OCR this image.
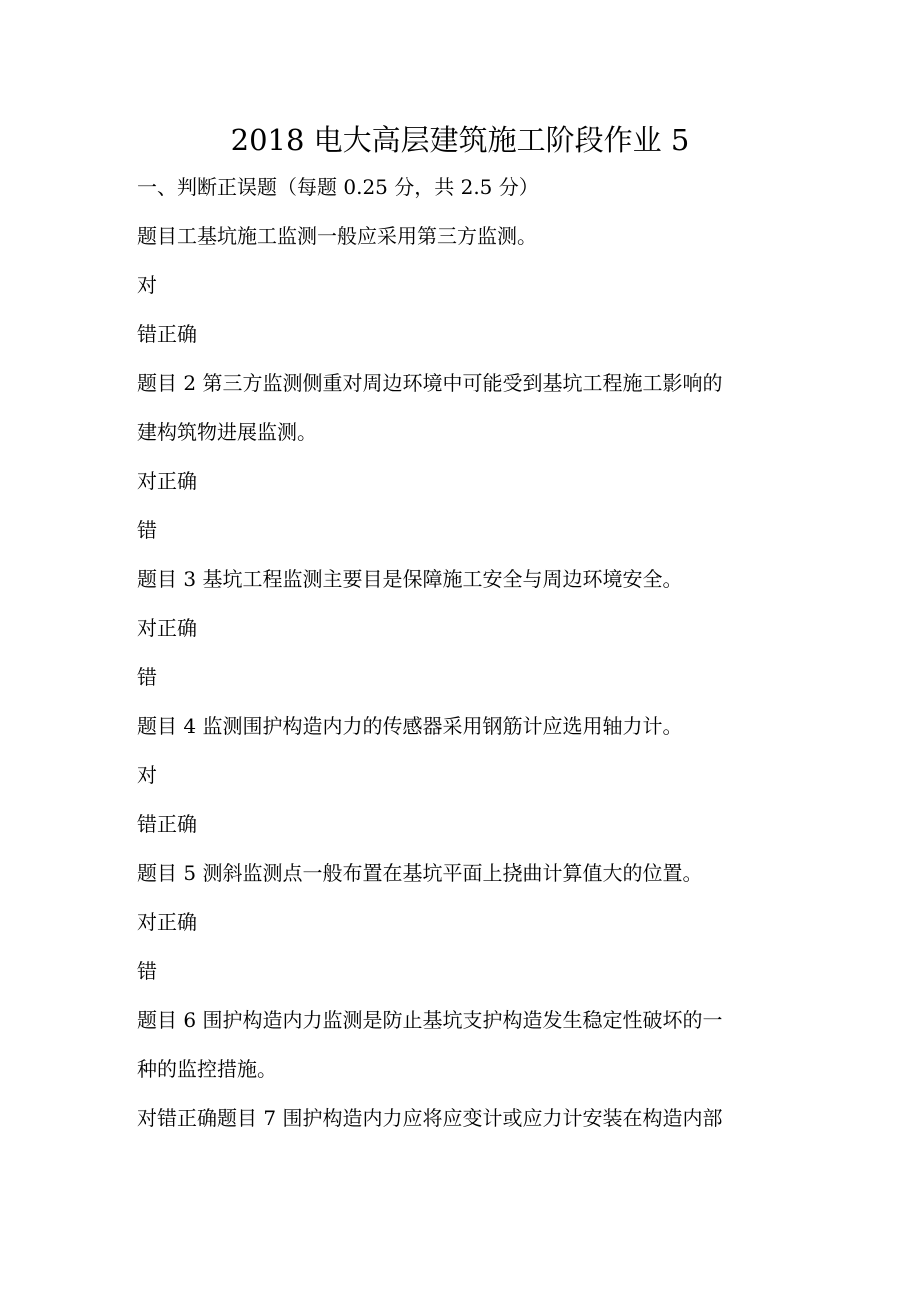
2018 电大高层建筑施工阶段作业 5
一、判断正误题（每题 0.25 分，共 2.5 分）
题目工基坑施工监测一般应采用第三方监测。
对
错正确
题目 2 第三方监测侧重对周边环境中可能受到基坑工程施工影响的
建构筑物进展监测。
对正确
错
题目 3 基坑工程监测主要目是保障施工安全与周边环境安全。
对正确
错
题目 4 监测围护构造内力的传感器采用钢筋计应选用轴力计。
对
错正确
题目 5 测斜监测点一般布置在基坑平面上挠曲计算值大的位置。
对正确
错
题目 6 围护构造内力监测是防止基坑支护构造发生稳定性破坏的一
种的监控措施。
对错正确题目 7 围护构造内力应将应变计或应力计安装在构造内部
